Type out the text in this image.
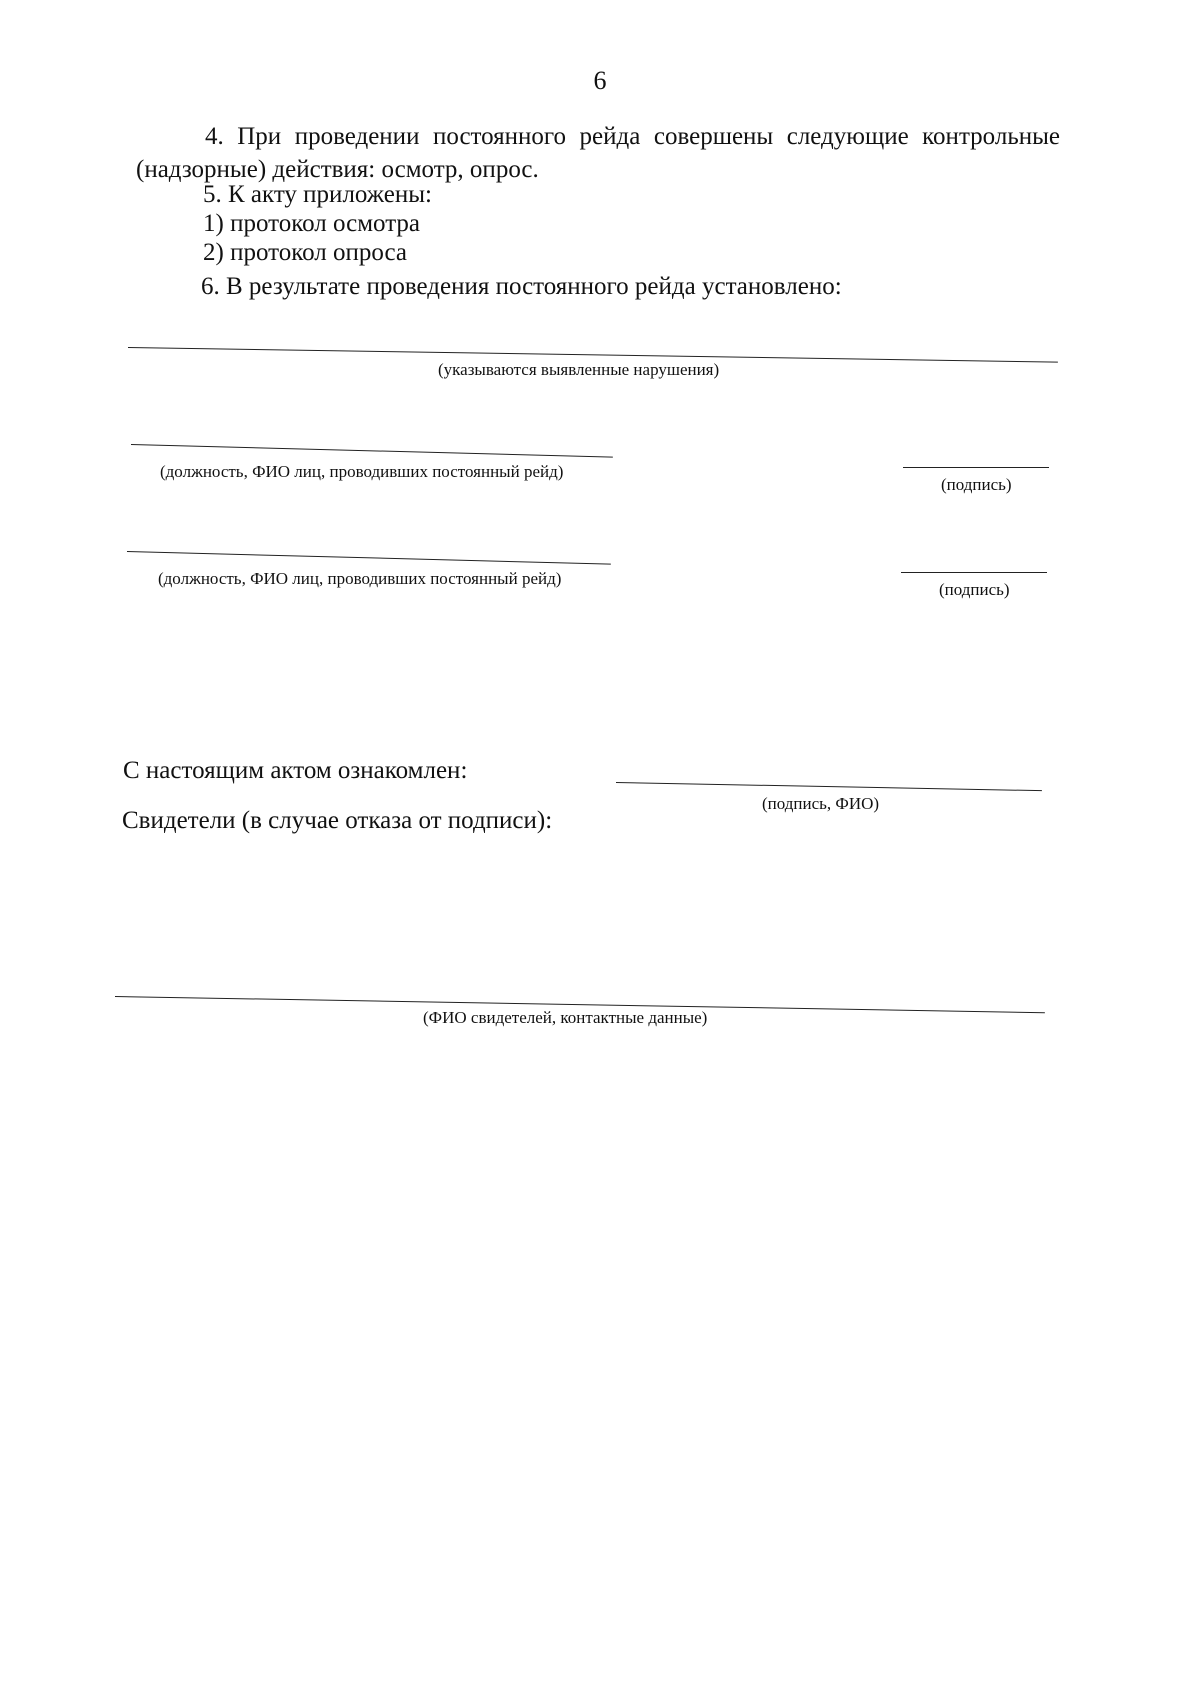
6
4. При проведении постоянного рейда совершены следующие контрольные
(надзорные) действия: осмотр, опрос.
5. К акту приложены:
1) протокол осмотра
2) протокол опроса
6. В результате проведения постоянного рейда установлено:
(указываются выявленные нарушения)
(должность, ФИО лиц, проводивших постоянный рейд)
(подпись)
(должность, ФИО лиц, проводивших постоянный рейд)
(подпись)
С настоящим актом ознакомлен:
(подпись, ФИО)
Свидетели (в случае отказа от подписи):
(ФИО свидетелей, контактные данные)
